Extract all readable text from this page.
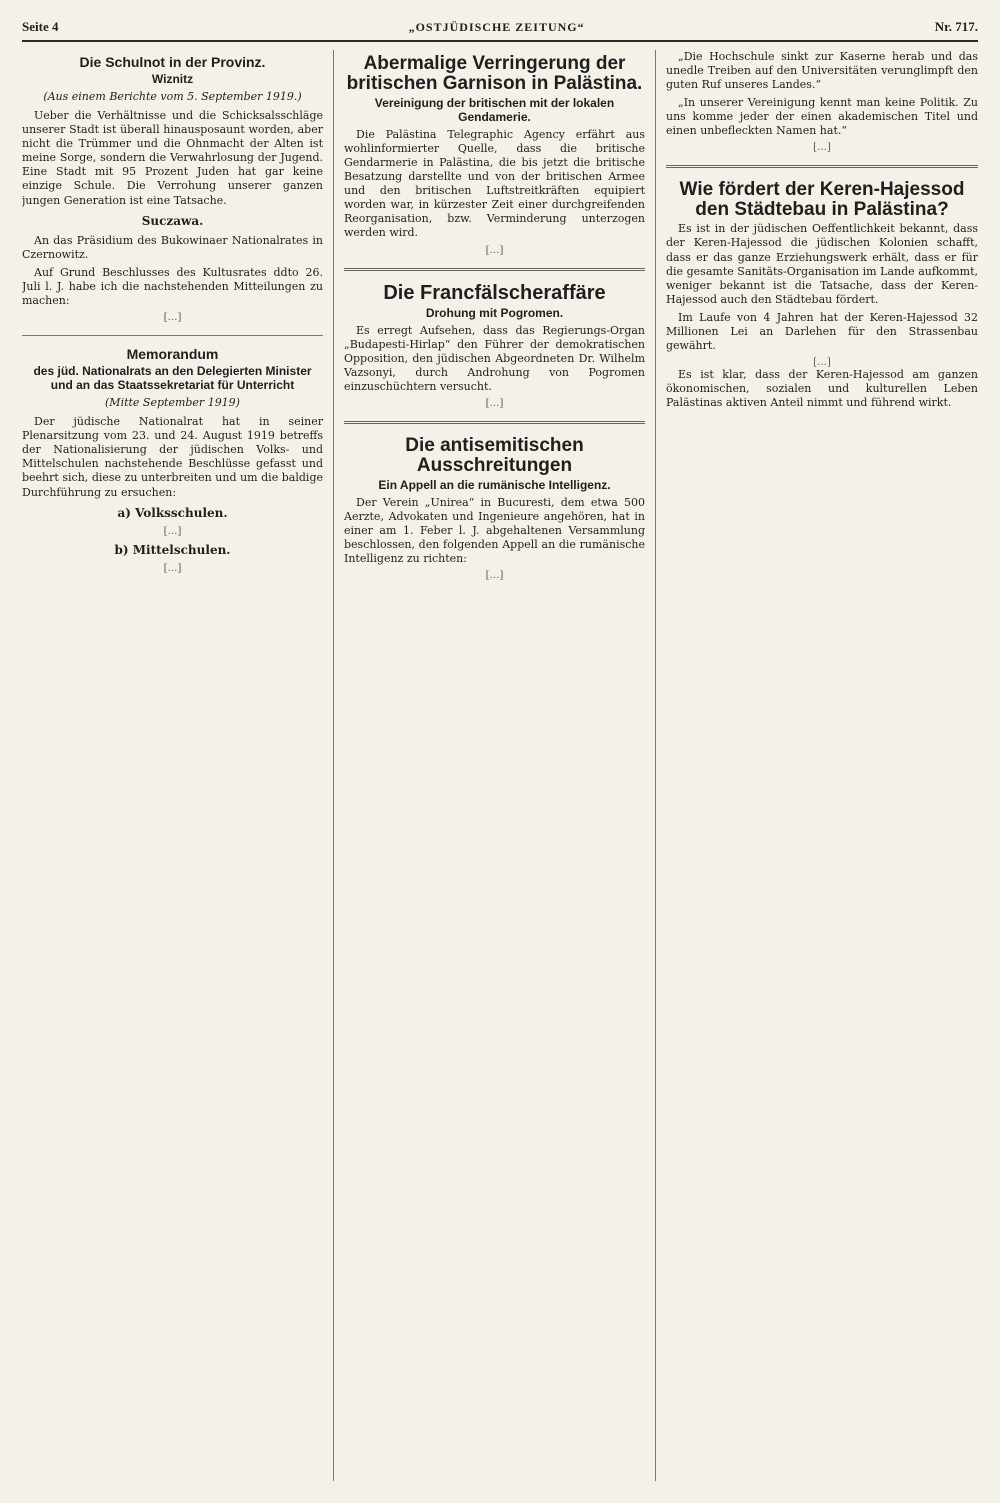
Seite 4	„OSTJÜDISCHE ZEITUNG“	Nr. 717.
Die Schulnot in der Provinz.
Wiznitz
(Aus einem Berichte vom 5. September 1919.)

Ueber die Verhältnisse und die Schicksalsschläge unserer Stadt ist überall hinausposaunt worden, aber nicht die Trümmer und die Ohnmacht der Alten ist meine Sorge, sondern die Verwahrlosung der Jugend. Eine Stadt mit 95 Prozent Juden hat gar keine einzige Schule. Die Verrohung unserer ganzen jungen Generation ist eine Tatsache.

Suczawa.

An das Präsidium des Bukowinaer Nationalrates in Czernowitz.

Auf Grund Beschlusses des Kultusrates ddto 26. Juli l. J. habe ich die nachstehenden Mitteilungen zu machen:

[…]
Memorandum
des jüd. Nationalrats an den Delegierten Minister und an das Staatssekretariat für Unterricht
(Mitte September 1919)

Der jüdische Nationalrat hat in seiner Plenarsitzung vom 23. und 24. August 1919 betreffs der Nationalisierung der jüdischen Volks- und Mittelschulen nachstehende Beschlüsse gefasst und beehrt sich, diese zu unterbreiten und um die baldige Durchführung zu ersuchen:

a) Volksschulen.
[…]
b) Mittelschulen.
[…]
Abermalige Verringerung der britischen Garnison in Palästina.
Vereinigung der britischen mit der lokalen Gendamerie.

Die Palästina Telegraphic Agency erfährt aus wohlinformierter Quelle, dass die britische Gendarmerie in Palästina, die bis jetzt die britische Besatzung darstellte und von der britischen Armee und den britischen Luftstreitkräften equipiert worden war, in kürzester Zeit einer durchgreifenden Reorganisation, bzw. Verminderung unterzogen werden wird.

[…]
Die Francfälscheraffäre
Drohung mit Pogromen.

Es erregt Aufsehen, dass das Regierungs-Organ „Budapesti-Hirlap“ den Führer der demokratischen Opposition, den jüdischen Abgeordneten Dr. Wilhelm Vazsonyi, durch Androhung von Pogromen einzuschüchtern versucht.

[…]
Die antisemitischen Ausschreitungen
Ein Appell an die rumänische Intelligenz.

Der Verein „Unirea“ in Bucuresti, dem etwa 500 Aerzte, Advokaten und Ingenieure angehören, hat in einer am 1. Feber l. J. abgehaltenen Versammlung beschlossen, den folgenden Appell an die rumänische Intelligenz zu richten:

[…]

„Die Hochschule sinkt zur Kaserne herab und das unedle Treiben auf den Universitäten verunglimpft den guten Ruf unseres Landes.“

„In unserer Vereinigung kennt man keine Politik. Zu uns komme jeder der einen akademischen Titel und einen unbefleckten Namen hat.“

[…]
Wie fördert der Keren-Hajessod den Städtebau in Palästina?

Es ist in der jüdischen Oeffentlichkeit bekannt, dass der Keren-Hajessod die jüdischen Kolonien schafft, dass er das ganze Erziehungswerk erhält, dass er für die gesamte Sanitäts-Organisation im Lande aufkommt, weniger bekannt ist die Tatsache, dass der Keren-Hajessod auch den Städtebau fördert.

Im Laufe von 4 Jahren hat der Keren-Hajessod 32 Millionen Lei an Darlehen für den Strassenbau gewährt.

[…]

Es ist klar, dass der Keren-Hajessod am ganzen ökonomischen, sozialen und kulturellen Leben Palästinas aktiven Anteil nimmt und führend wirkt.
